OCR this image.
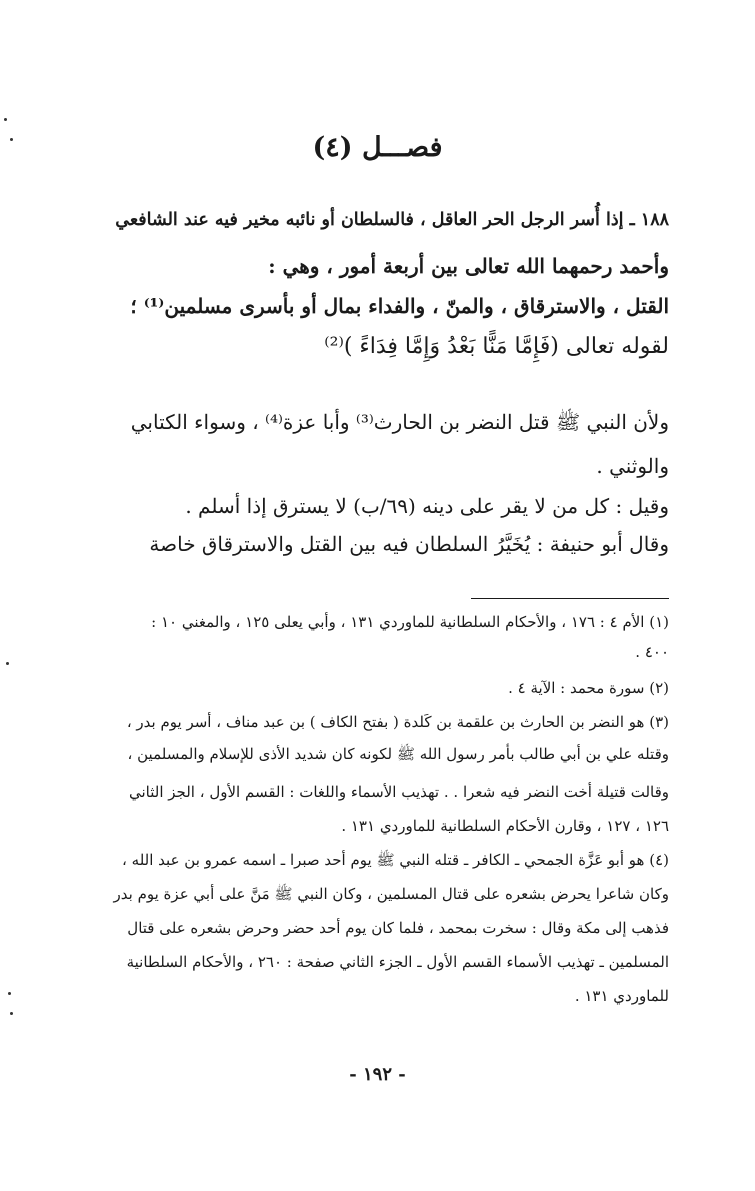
فصـــل (٤)
١٨٨ ـ إذا أُسر الرجل الحر العاقل ، فالسلطان أو نائبه مخير فيه عند الشافعي
وأحمد رحمهما الله تعالى بين أربعة أمور ، وهي :
القتل ، والاسترقاق ، والمنّ ، والفداء بمال أو بأسرى مسلمين⁽¹⁾ ؛
لقوله تعالى (فَإِمَّا مَنًّا بَعْدُ وَإِمَّا فِدَاءً )⁽²⁾
ولأن النبي ﷺ قتل النضر بن الحارث⁽³⁾ وأبا عزة⁽⁴⁾ ، وسواء الكتابي
والوثني .
وقيل : كل من لا يقر على دينه (٦٩/ب) لا يسترق إذا أسلم .
وقال أبو حنيفة : يُخَيَّرُ السلطان فيه بين القتل والاسترقاق خاصة
(١) الأم ٤ : ١٧٦ ، والأحكام السلطانية للماوردي ١٣١ ، وأبي يعلى ١٢٥ ، والمغني ١٠ :
٤٠٠ .
(٢) سورة محمد : الآية ٤ .
(٣) هو النضر بن الحارث بن علقمة بن كَلدة ( بفتح الكاف ) بن عبد مناف ، أسر يوم بدر ،
وقتله علي بن أبي طالب بأمر رسول الله ﷺ لكونه كان شديد الأذى للإسلام والمسلمين ،
وقالت قتيلة أخت النضر فيه شعرا . . تهذيب الأسماء واللغات : القسم الأول ، الجز الثاني
١٢٦ ، ١٢٧ ، وقارن الأحكام السلطانية للماوردي ١٣١ .
(٤) هو أبو عَزَّة الجمحي ـ الكافر ـ قتله النبي ﷺ يوم أحد صبرا ـ اسمه عمرو بن عبد الله ،
وكان شاعرا يحرض بشعره على قتال المسلمين ، وكان النبي ﷺ مَنَّ على أبي عزة يوم بدر
فذهب إلى مكة وقال : سخرت بمحمد ، فلما كان يوم أحد حضر وحرض بشعره على قتال
المسلمين ـ تهذيب الأسماء القسم الأول ـ الجزء الثاني صفحة : ٢٦٠ ، والأحكام السلطانية
للماوردي ١٣١ .
- ١٩٢ -
